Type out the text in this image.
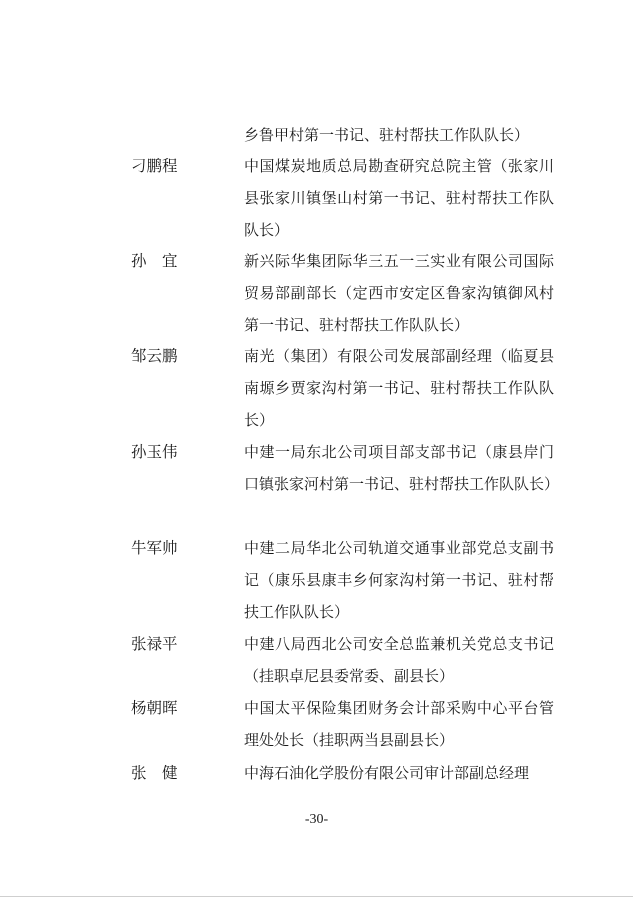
乡鲁甲村第一书记、驻村帮扶工作队队长）
刁鹏程	中国煤炭地质总局勘查研究总院主管（张家川县张家川镇堡山村第一书记、驻村帮扶工作队队长）
孙　宜	新兴际华集团际华三五一三实业有限公司国际贸易部副部长（定西市安定区鲁家沟镇御风村第一书记、驻村帮扶工作队队长）
邹云鹏	南光（集团）有限公司发展部副经理（临夏县南塬乡贾家沟村第一书记、驻村帮扶工作队队长）
孙玉伟	中建一局东北公司项目部支部书记（康县岸门口镇张家河村第一书记、驻村帮扶工作队队长）
牛军帅	中建二局华北公司轨道交通事业部党总支副书记（康乐县康丰乡何家沟村第一书记、驻村帮扶工作队队长）
张禄平	中建八局西北公司安全总监兼机关党总支书记（挂职卓尼县委常委、副县长）
杨朝晖	中国太平保险集团财务会计部采购中心平台管理处处长（挂职两当县副县长）
张　健	中海石油化学股份有限公司审计部副总经理
-30-
